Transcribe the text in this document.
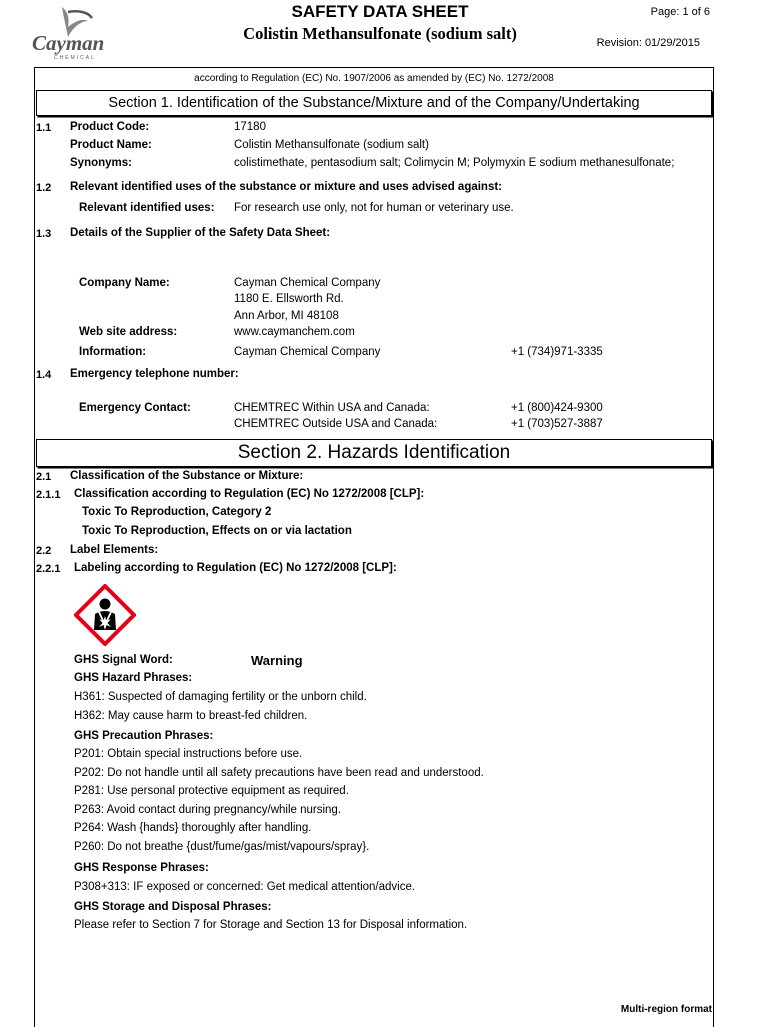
Cayman
CHEMICAL
SAFETY DATA SHEET
Colistin Methansulfonate (sodium salt)
Page: 1 of 6
Revision: 01/29/2015
according to Regulation (EC) No. 1907/2006 as amended by (EC) No. 1272/2008
Section 1. Identification of the Substance/Mixture and of the Company/Undertaking
1.1 Product Code:	17180
Product Name:	Colistin Methansulfonate (sodium salt)
Synonyms:	colistimethate, pentasodium salt; Colimycin M; Polymyxin E sodium methanesulfonate;
1.2 Relevant identified uses of the substance or mixture and uses advised against:
Relevant identified uses: For research use only, not for human or veterinary use.
1.3 Details of the Supplier of the Safety Data Sheet:
Company Name:	Cayman Chemical Company
1180 E. Ellsworth Rd.
Ann Arbor, MI 48108
Web site address:	www.caymanchem.com
Information:	Cayman Chemical Company	+1 (734)971-3335
1.4 Emergency telephone number:
Emergency Contact:	CHEMTREC Within USA and Canada:	+1 (800)424-9300
CHEMTREC Outside USA and Canada:	+1 (703)527-3887
Section 2. Hazards Identification
2.1 Classification of the Substance or Mixture:
2.1.1 Classification according to Regulation (EC) No 1272/2008 [CLP]:
Toxic To Reproduction, Category 2
Toxic To Reproduction, Effects on or via lactation
2.2 Label Elements:
2.2.1 Labeling according to Regulation (EC) No 1272/2008 [CLP]:
GHS Signal Word:	Warning
GHS Hazard Phrases:
H361: Suspected of damaging fertility or the unborn child.
H362: May cause harm to breast-fed children.
GHS Precaution Phrases:
P201: Obtain special instructions before use.
P202: Do not handle until all safety precautions have been read and understood.
P281: Use personal protective equipment as required.
P263: Avoid contact during pregnancy/while nursing.
P264: Wash {hands} thoroughly after handling.
P260: Do not breathe {dust/fume/gas/mist/vapours/spray}.
GHS Response Phrases:
P308+313: IF exposed or concerned: Get medical attention/advice.
GHS Storage and Disposal Phrases:
Please refer to Section 7 for Storage and Section 13 for Disposal information.
Multi-region format
